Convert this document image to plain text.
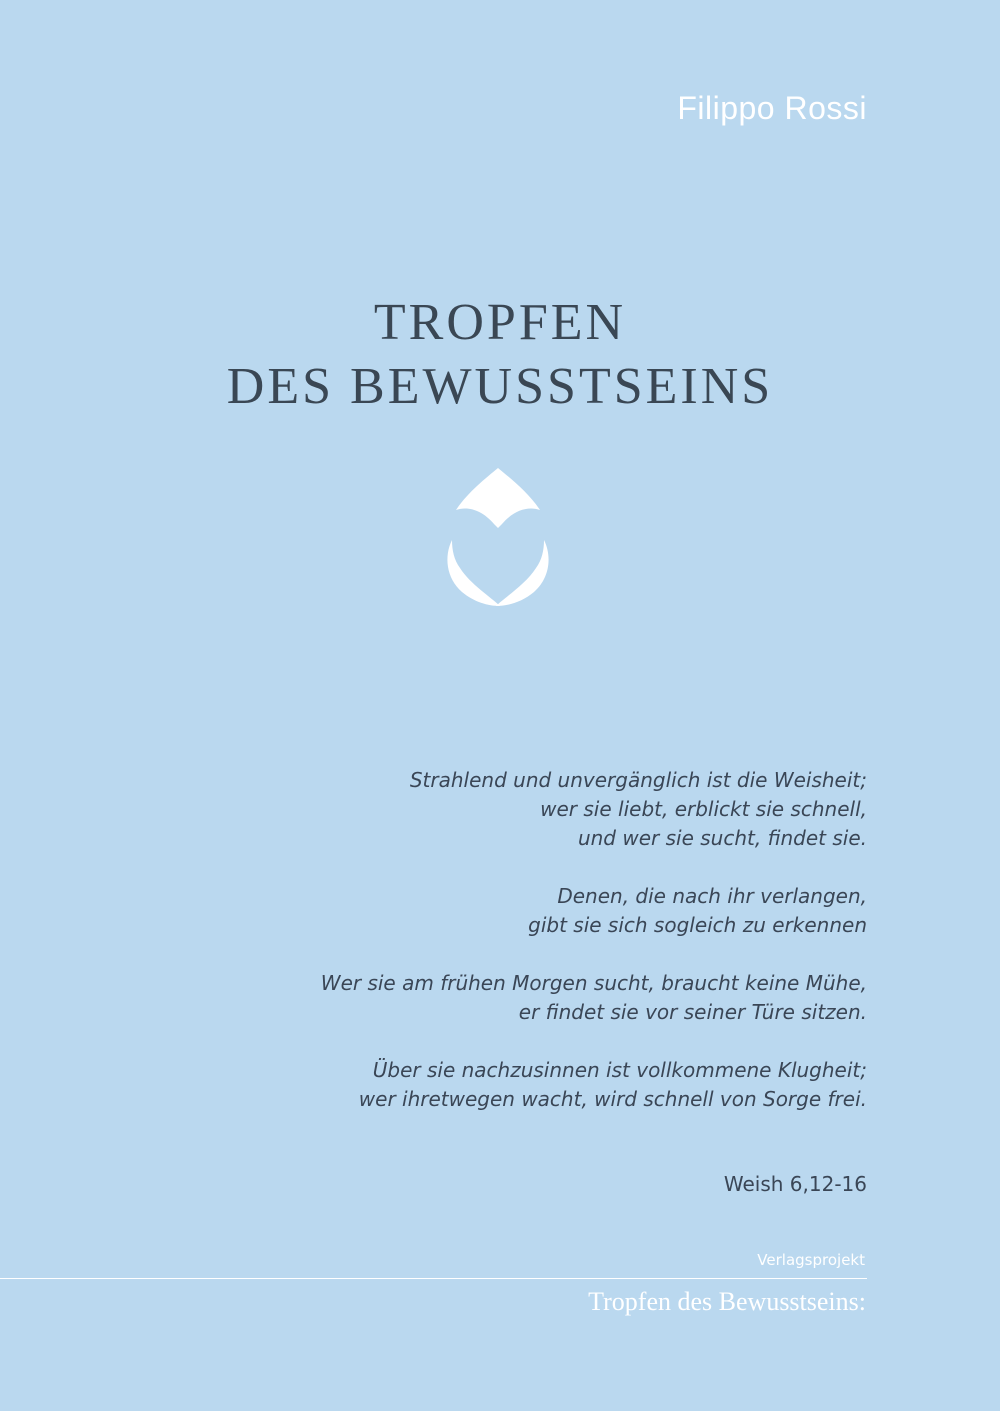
Filippo Rossi
TROPFEN
DES BEWUSSTSEINS
Strahlend und unvergänglich ist die Weisheit;
wer sie liebt, erblickt sie schnell,
und wer sie sucht, findet sie.
Denen, die nach ihr verlangen,
gibt sie sich sogleich zu erkennen
Wer sie am frühen Morgen sucht, braucht keine Mühe,
er findet sie vor seiner Türe sitzen.
Über sie nachzusinnen ist vollkommene Klugheit;
wer ihretwegen wacht, wird schnell von Sorge frei.
Weish 6,12-16
Verlagsprojekt
Tropfen des Bewusstseins:
